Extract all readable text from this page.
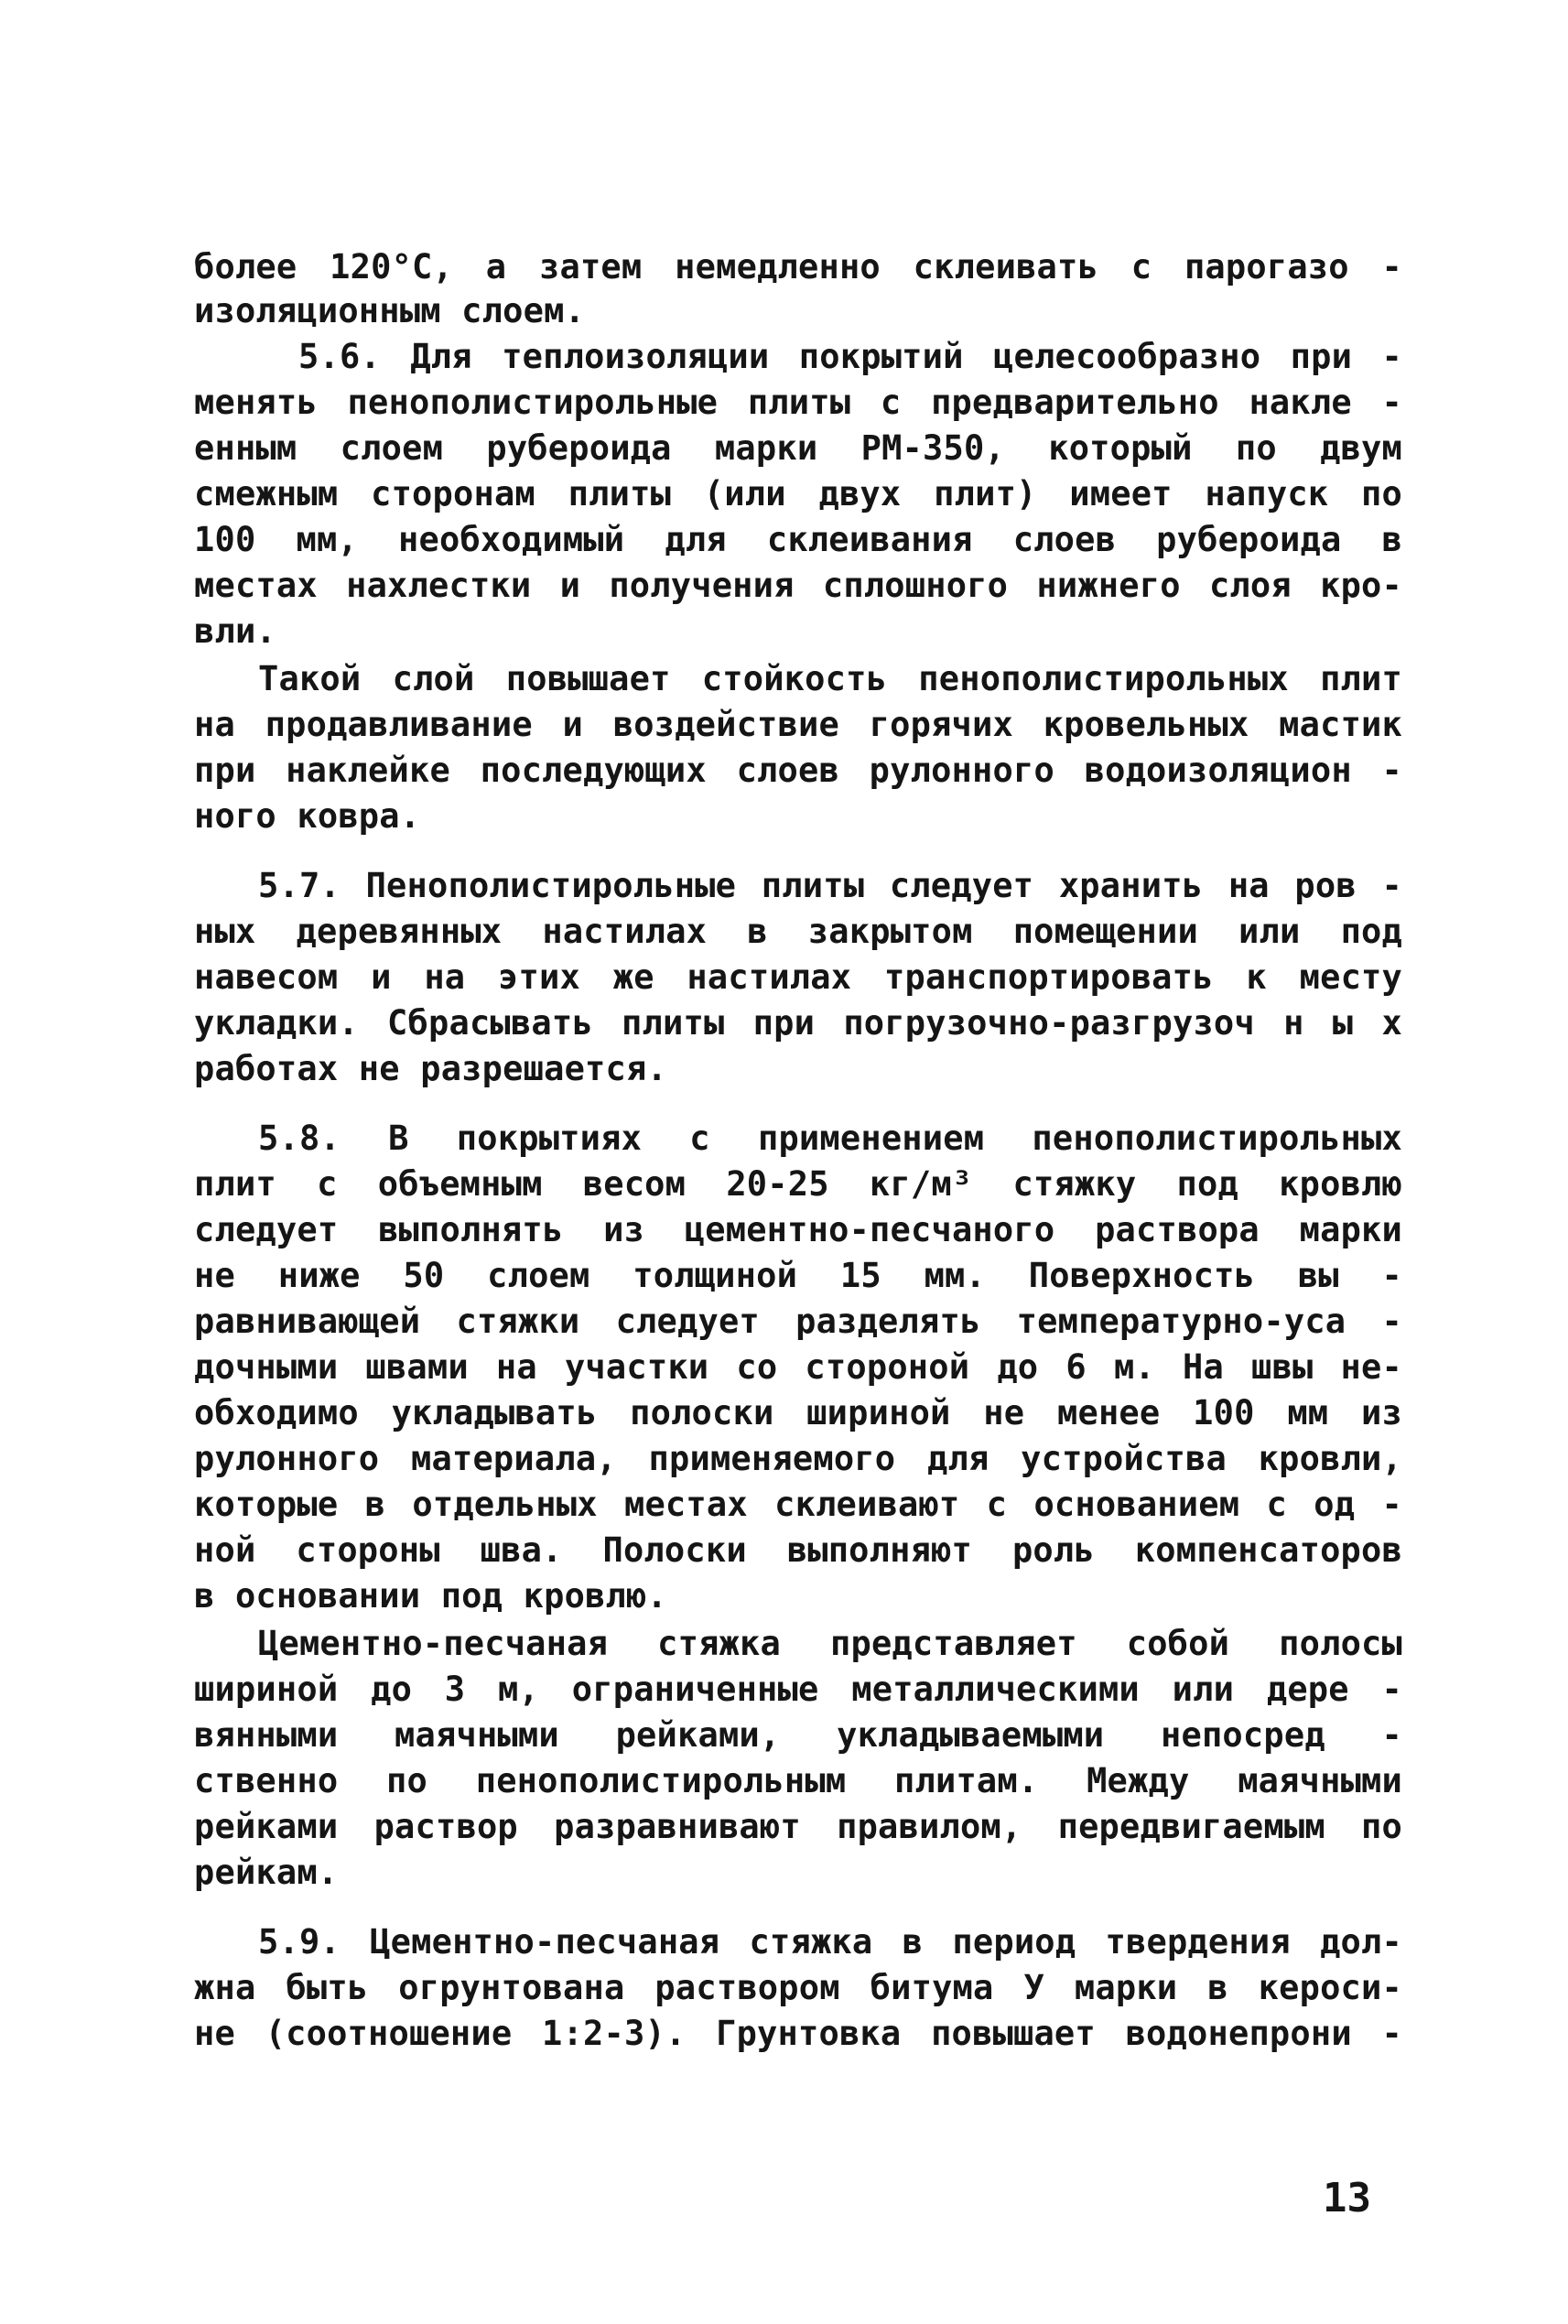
более 120°С, а затем немедленно склеивать с парогазо -
изоляционным слоем.
5.6. Для теплоизоляции покрытий целесообразно при -
менять пенополистирольные плиты с предварительно накле -
енным слоем рубероида марки РМ-350, который по двум
смежным сторонам плиты (или двух плит) имеет напуск по
100 мм, необходимый для склеивания слоев рубероида в
местах нахлестки и получения сплошного нижнего слоя кро-
вли.
Такой слой повышает стойкость пенополистирольных плит
на продавливание и воздействие горячих кровельных мастик
при наклейке последующих слоев рулонного водоизоляцион -
ного ковра.
5.7. Пенополистирольные плиты следует хранить на ров -
ных деревянных настилах в закрытом помещении или под
навесом и на этих же настилах транспортировать к месту
укладки. Сбрасывать плиты при погрузочно-разгрузоч н ы х
работах не разрешается.
5.8. В покрытиях с применением пенополистирольных
плит с объемным весом 20-25 кг/м³ стяжку под кровлю
следует выполнять из цементно-песчаного раствора марки
не ниже 50 слоем толщиной 15 мм. Поверхность вы -
равнивающей стяжки следует разделять температурно-уса -
дочными швами на участки со стороной до 6 м. На швы не-
обходимо укладывать полоски шириной не менее 100 мм из
рулонного материала, применяемого для устройства кровли,
которые в отдельных местах склеивают с основанием с од -
ной стороны шва. Полоски выполняют роль компенсаторов
в основании под кровлю.
Цементно-песчаная стяжка представляет собой полосы
шириной до 3 м, ограниченные металлическими или дере -
вянными маячными рейками, укладываемыми непосред -
ственно по пенополистирольным плитам. Между маячными
рейками раствор разравнивают правилом, передвигаемым по
рейкам.
5.9. Цементно-песчаная стяжка в период твердения дол-
жна быть огрунтована раствором битума У марки в кероси-
не (соотношение 1:2-3). Грунтовка повышает водонепрони -
13
